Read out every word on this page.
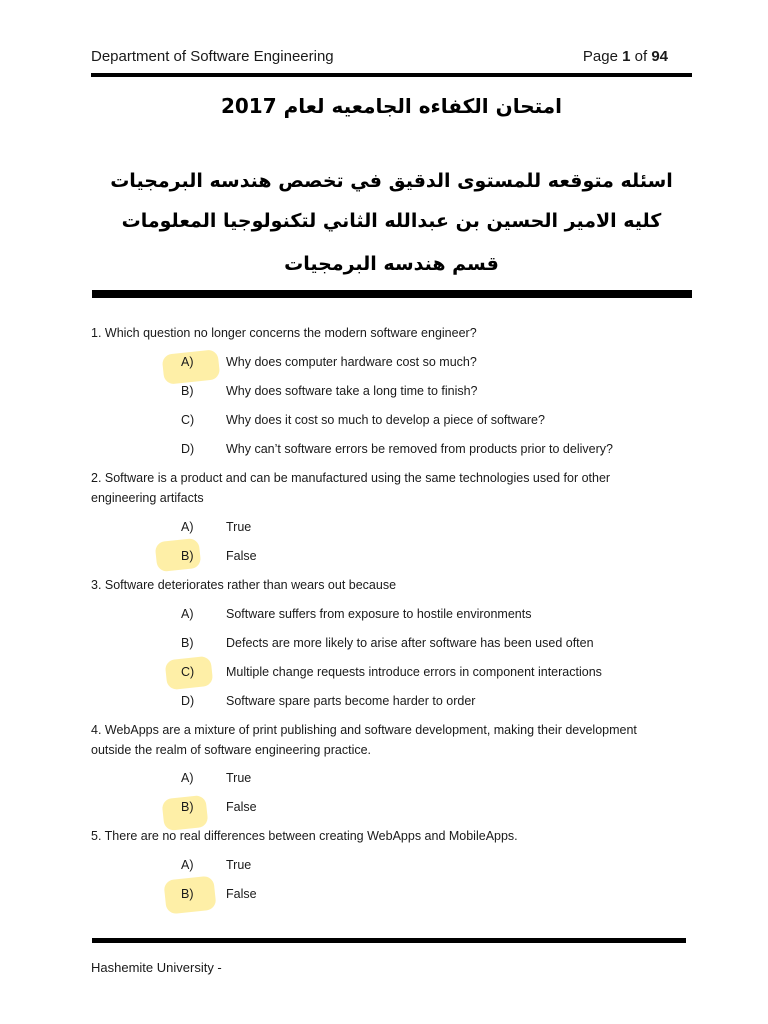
Department of Software Engineering	Page 1 of 94
امتحان الكفاءه الجامعيه لعام 2017
اسئله متوقعه للمستوى الدقيق في تخصص هندسه البرمجيات
كليه الامير الحسين بن عبدالله الثاني لتكنولوجيا المعلومات
قسم هندسه البرمجيات
1. Which question no longer concerns the modern software engineer?
A)	Why does computer hardware cost so much?
B)	Why does software take a long time to finish?
C)	Why does it cost so much to develop a piece of software?
D)	Why can’t software errors be removed from products prior to delivery?
2. Software is a product and can be manufactured using the same technologies used for other engineering artifacts
A)	True
B)	False
3. Software deteriorates rather than wears out because
A)	Software suffers from exposure to hostile environments
B)	Defects are more likely to arise after software has been used often
C)	Multiple change requests introduce errors in component interactions
D)	Software spare parts become harder to order
4. WebApps are a mixture of print publishing and software development, making their development outside the realm of software engineering practice.
A)	True
B)	False
5. There are no real differences between creating WebApps and MobileApps.
A)	True
B)	False
Hashemite University -
